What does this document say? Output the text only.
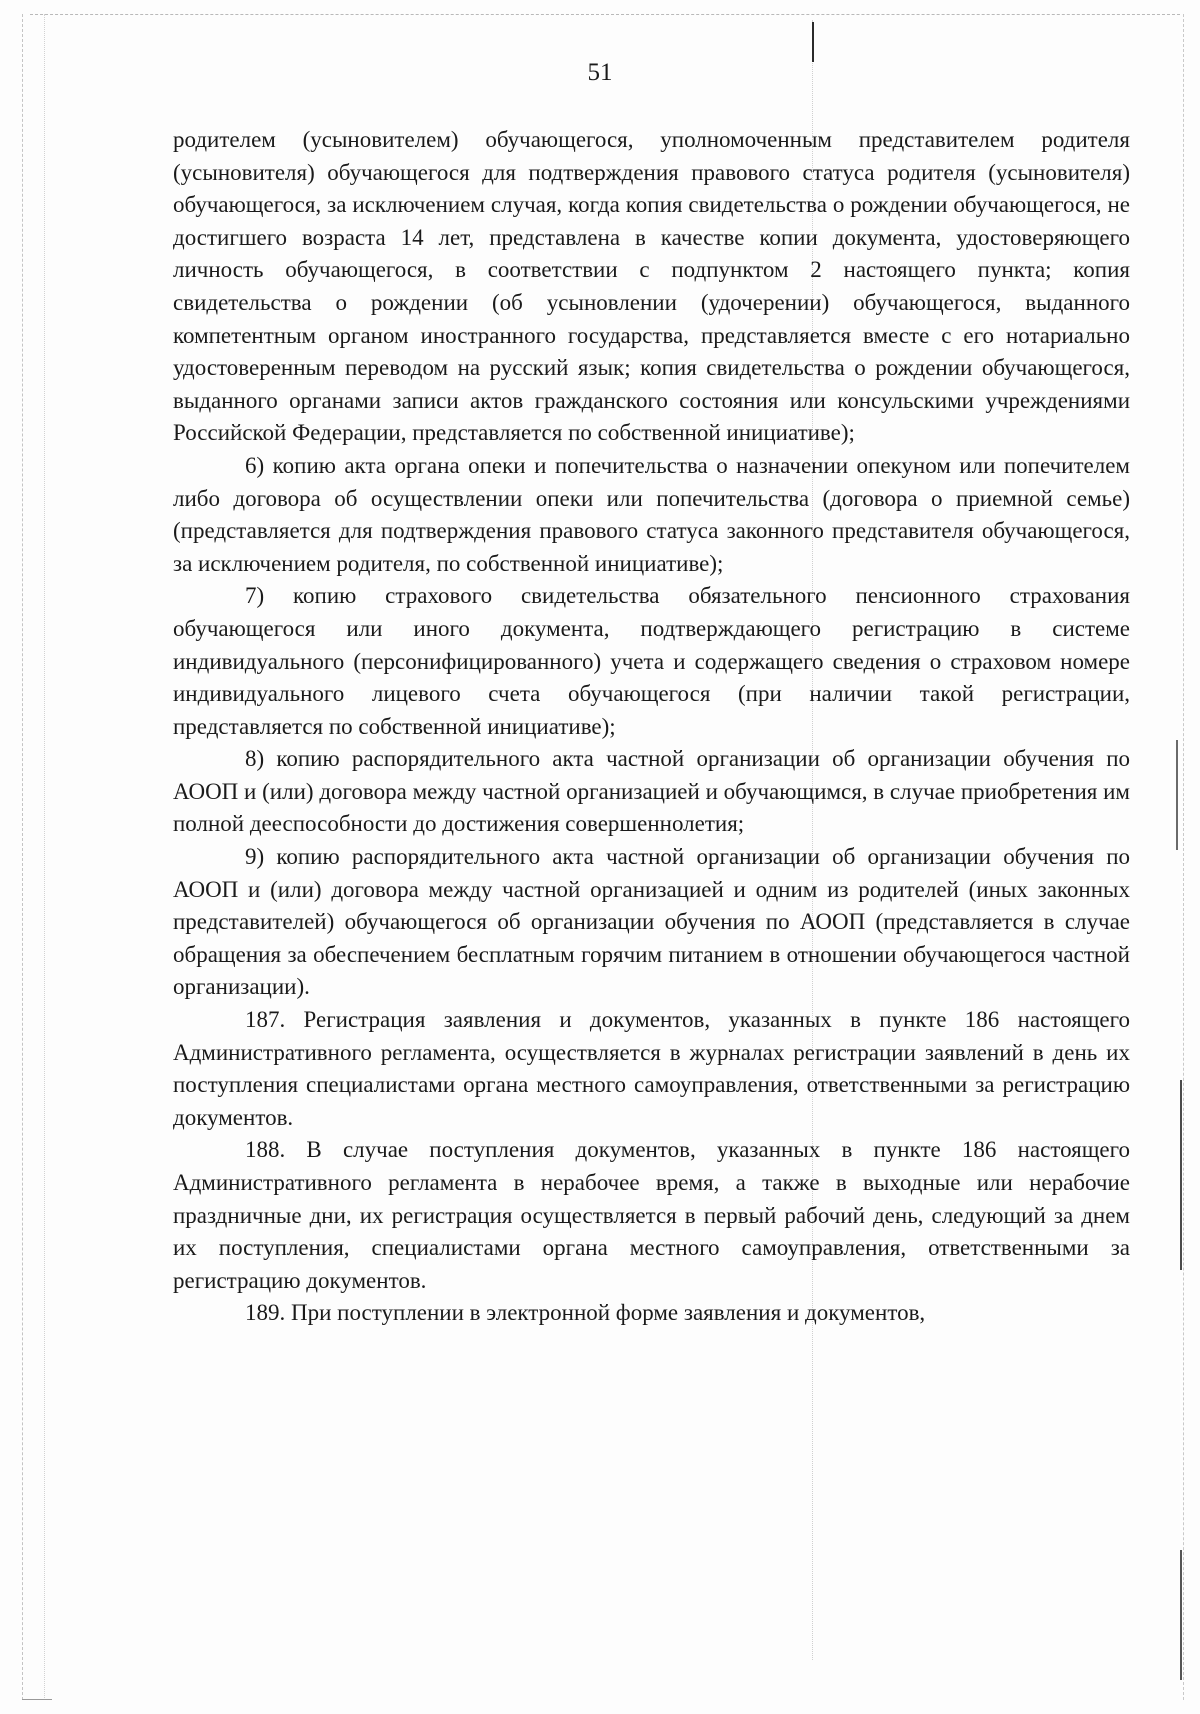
51

родителем (усыновителем) обучающегося, уполномоченным представителем родителя (усыновителя) обучающегося для подтверждения правового статуса родителя (усыновителя) обучающегося, за исключением случая, когда копия свидетельства о рождении обучающегося, не достигшего возраста 14 лет, представлена в качестве копии документа, удостоверяющего личность обучающегося, в соответствии с подпунктом 2 настоящего пункта; копия свидетельства о рождении (об усыновлении (удочерении) обучающегося, выданного компетентным органом иностранного государства, представляется вместе с его нотариально удостоверенным переводом на русский язык; копия свидетельства о рождении обучающегося, выданного органами записи актов гражданского состояния или консульскими учреждениями Российской Федерации, представляется по собственной инициативе);

6) копию акта органа опеки и попечительства о назначении опекуном или попечителем либо договора об осуществлении опеки или попечительства (договора о приемной семье) (представляется для подтверждения правового статуса законного представителя обучающегося, за исключением родителя, по собственной инициативе);

7) копию страхового свидетельства обязательного пенсионного страхования обучающегося или иного документа, подтверждающего регистрацию в системе индивидуального (персонифицированного) учета и содержащего сведения о страховом номере индивидуального лицевого счета обучающегося (при наличии такой регистрации, представляется по собственной инициативе);

8) копию распорядительного акта частной организации об организации обучения по АООП и (или) договора между частной организацией и обучающимся, в случае приобретения им полной дееспособности до достижения совершеннолетия;

9) копию распорядительного акта частной организации об организации обучения по АООП и (или) договора между частной организацией и одним из родителей (иных законных представителей) обучающегося об организации обучения по АООП (представляется в случае обращения за обеспечением бесплатным горячим питанием в отношении обучающегося частной организации).

187. Регистрация заявления и документов, указанных в пункте 186 настоящего Административного регламента, осуществляется в журналах регистрации заявлений в день их поступления специалистами органа местного самоуправления, ответственными за регистрацию документов.

188. В случае поступления документов, указанных в пункте 186 настоящего Административного регламента в нерабочее время, а также в выходные или нерабочие праздничные дни, их регистрация осуществляется в первый рабочий день, следующий за днем их поступления, специалистами органа местного самоуправления, ответственными за регистрацию документов.

189. При поступлении в электронной форме заявления и документов,
